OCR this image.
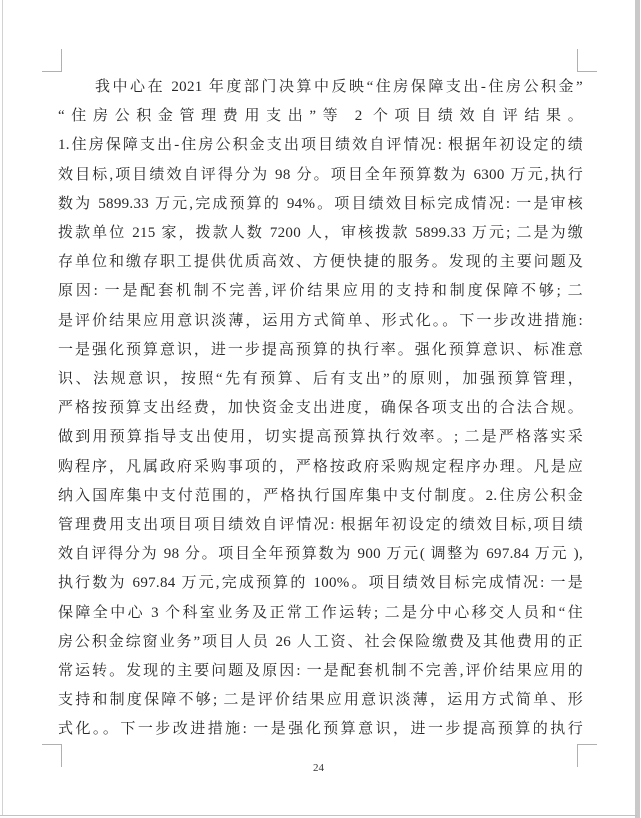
我中心在 2021 年度部门决算中反映“住房保障支出-住房公积金”
“住房公积金管理费用支出”等 2 个项目绩效自评结果。
1.住房保障支出-住房公积金支出项目绩效自评情况: 根据年初设定的绩
效目标,项目绩效自评得分为 98 分。项目全年预算数为 6300 万元,执行
数为 5899.33 万元,完成预算的 94%。项目绩效目标完成情况: 一是审核
拨款单位 215 家，拨款人数 7200 人，审核拨款 5899.33 万元; 二是为缴
存单位和缴存职工提供优质高效、方便快捷的服务。发现的主要问题及
原因: 一是配套机制不完善,评价结果应用的支持和制度保障不够; 二
是评价结果应用意识淡薄，运用方式简单、形式化。。下一步改进措施:
一是强化预算意识，进一步提高预算的执行率。强化预算意识、标准意
识、法规意识，按照“先有预算、后有支出”的原则，加强预算管理，
严格按预算支出经费，加快资金支出进度，确保各项支出的合法合规。
做到用预算指导支出使用，切实提高预算执行效率。; 二是严格落实采
购程序，凡属政府采购事项的，严格按政府采购规定程序办理。凡是应
纳入国库集中支付范围的，严格执行国库集中支付制度。2.住房公积金
管理费用支出项目项目绩效自评情况: 根据年初设定的绩效目标,项目绩
效自评得分为 98 分。项目全年预算数为 900 万元( 调整为 697.84 万元 ),
执行数为 697.84 万元,完成预算的 100%。项目绩效目标完成情况: 一是
保障全中心 3 个科室业务及正常工作运转; 二是分中心移交人员和“住
房公积金综窗业务”项目人员 26 人工资、社会保险缴费及其他费用的正
常运转。发现的主要问题及原因: 一是配套机制不完善,评价结果应用的
支持和制度保障不够; 二是评价结果应用意识淡薄，运用方式简单、形
式化。。下一步改进措施: 一是强化预算意识，进一步提高预算的执行
24
